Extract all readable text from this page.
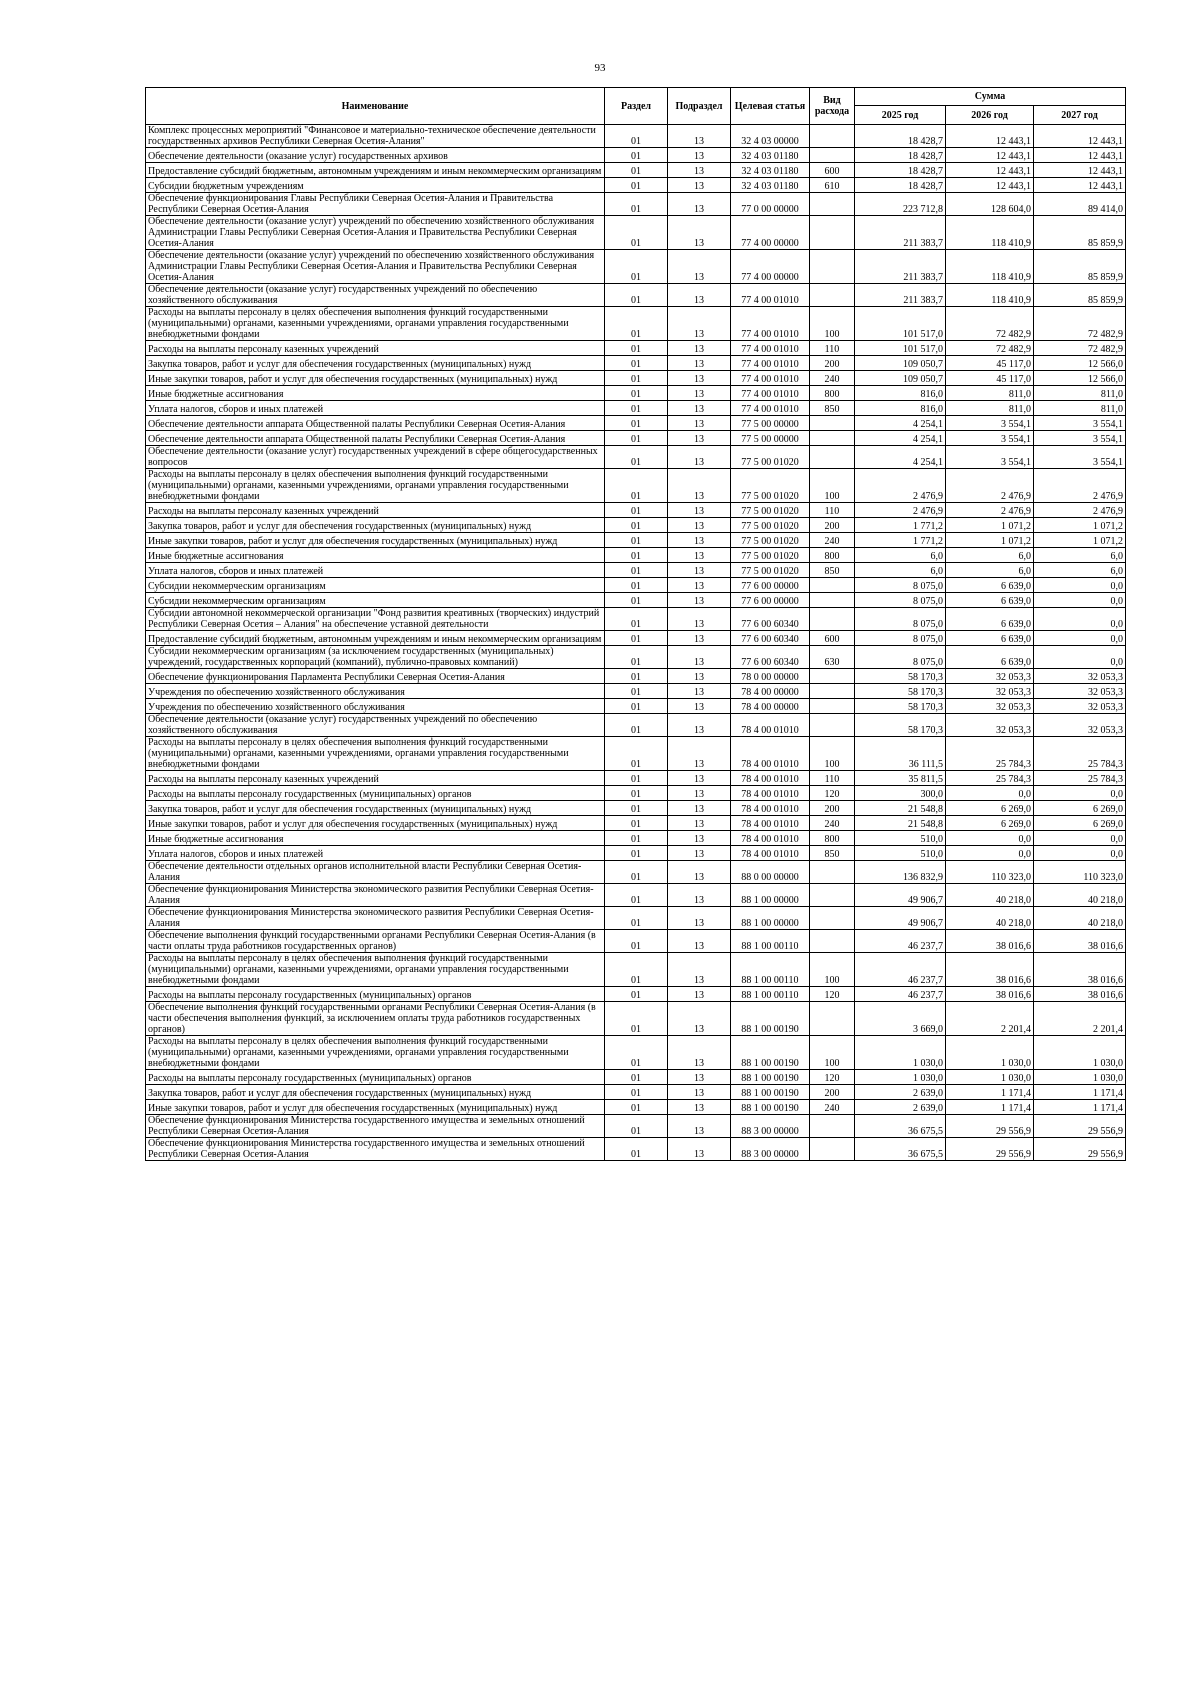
93
Наименование	Раздел	Подраздел	Целевая статья	Вид расхода	Сумма		
					2025 год	2026 год	2027 год
Комплекс процессных мероприятий "Финансовое и материально-техническое обеспечение деятельности государственных архивов Республики Северная Осетия-Алания"	01	13	32 4 03 00000		18 428,7	12 443,1	12 443,1
Обеспечение деятельности (оказание услуг) государственных архивов	01	13	32 4 03 01180		18 428,7	12 443,1	12 443,1
Предоставление субсидий бюджетным, автономным учреждениям и иным некоммерческим организациям	01	13	32 4 03 01180	600	18 428,7	12 443,1	12 443,1
Субсидии бюджетным учреждениям	01	13	32 4 03 01180	610	18 428,7	12 443,1	12 443,1
Обеспечение функционирования Главы Республики Северная Осетия-Алания и Правительства Республики Северная Осетия-Алания	01	13	77 0 00 00000		223 712,8	128 604,0	89 414,0
Обеспечение деятельности (оказание услуг) учреждений по обеспечению хозяйственного обслуживания Администрации Главы Республики Северная Осетия-Алания и Правительства Республики Северная Осетия-Алания	01	13	77 4 00 00000		211 383,7	118 410,9	85 859,9
Обеспечение деятельности (оказание услуг) учреждений по обеспечению хозяйственного обслуживания Администрации Главы Республики Северная Осетия-Алания и Правительства Республики Северная Осетия-Алания	01	13	77 4 00 00000		211 383,7	118 410,9	85 859,9
Обеспечение деятельности (оказание услуг) государственных учреждений по обеспечению хозяйственного обслуживания	01	13	77 4 00 01010		211 383,7	118 410,9	85 859,9
Расходы на выплаты персоналу в целях обеспечения выполнения функций государственными (муниципальными) органами, казенными учреждениями, органами управления государственными внебюджетными фондами	01	13	77 4 00 01010	100	101 517,0	72 482,9	72 482,9
Расходы на выплаты персоналу казенных учреждений	01	13	77 4 00 01010	110	101 517,0	72 482,9	72 482,9
Закупка товаров, работ и услуг для обеспечения государственных (муниципальных) нужд	01	13	77 4 00 01010	200	109 050,7	45 117,0	12 566,0
Иные закупки товаров, работ и услуг для обеспечения государственных (муниципальных) нужд	01	13	77 4 00 01010	240	109 050,7	45 117,0	12 566,0
Иные бюджетные ассигнования	01	13	77 4 00 01010	800	816,0	811,0	811,0
Уплата налогов, сборов и иных платежей	01	13	77 4 00 01010	850	816,0	811,0	811,0
Обеспечение деятельности аппарата Общественной палаты Республики Северная Осетия-Алания	01	13	77 5 00 00000		4 254,1	3 554,1	3 554,1
Обеспечение деятельности аппарата Общественной палаты Республики Северная Осетия-Алания	01	13	77 5 00 00000		4 254,1	3 554,1	3 554,1
Обеспечение деятельности (оказание услуг) государственных учреждений в сфере общегосударственных вопросов	01	13	77 5 00 01020		4 254,1	3 554,1	3 554,1
Расходы на выплаты персоналу в целях обеспечения выполнения функций государственными (муниципальными) органами, казенными учреждениями, органами управления государственными внебюджетными фондами	01	13	77 5 00 01020	100	2 476,9	2 476,9	2 476,9
Расходы на выплаты персоналу казенных учреждений	01	13	77 5 00 01020	110	2 476,9	2 476,9	2 476,9
Закупка товаров, работ и услуг для обеспечения государственных (муниципальных) нужд	01	13	77 5 00 01020	200	1 771,2	1 071,2	1 071,2
Иные закупки товаров, работ и услуг для обеспечения государственных (муниципальных) нужд	01	13	77 5 00 01020	240	1 771,2	1 071,2	1 071,2
Иные бюджетные ассигнования	01	13	77 5 00 01020	800	6,0	6,0	6,0
Уплата налогов, сборов и иных платежей	01	13	77 5 00 01020	850	6,0	6,0	6,0
Субсидии некоммерческим организациям	01	13	77 6 00 00000		8 075,0	6 639,0	0,0
Субсидии некоммерческим организациям	01	13	77 6 00 00000		8 075,0	6 639,0	0,0
Субсидии автономной некоммерческой организации "Фонд развития креативных (творческих) индустрий Республики Северная Осетия – Алания" на обеспечение уставной деятельности	01	13	77 6 00 60340		8 075,0	6 639,0	0,0
Предоставление субсидий бюджетным, автономным учреждениям и иным некоммерческим организациям	01	13	77 6 00 60340	600	8 075,0	6 639,0	0,0
Субсидии некоммерческим организациям (за исключением государственных (муниципальных) учреждений, государственных корпораций (компаний), публично-правовых компаний)	01	13	77 6 00 60340	630	8 075,0	6 639,0	0,0
Обеспечение функционирования Парламента Республики Северная Осетия-Алания	01	13	78 0 00 00000		58 170,3	32 053,3	32 053,3
Учреждения по обеспечению хозяйственного обслуживания	01	13	78 4 00 00000		58 170,3	32 053,3	32 053,3
Учреждения по обеспечению хозяйственного обслуживания	01	13	78 4 00 00000		58 170,3	32 053,3	32 053,3
Обеспечение деятельности (оказание услуг) государственных учреждений по обеспечению хозяйственного обслуживания	01	13	78 4 00 01010		58 170,3	32 053,3	32 053,3
Расходы на выплаты персоналу в целях обеспечения выполнения функций государственными (муниципальными) органами, казенными учреждениями, органами управления государственными внебюджетными фондами	01	13	78 4 00 01010	100	36 111,5	25 784,3	25 784,3
Расходы на выплаты персоналу казенных учреждений	01	13	78 4 00 01010	110	35 811,5	25 784,3	25 784,3
Расходы на выплаты персоналу государственных (муниципальных) органов	01	13	78 4 00 01010	120	300,0	0,0	0,0
Закупка товаров, работ и услуг для обеспечения государственных (муниципальных) нужд	01	13	78 4 00 01010	200	21 548,8	6 269,0	6 269,0
Иные закупки товаров, работ и услуг для обеспечения государственных (муниципальных) нужд	01	13	78 4 00 01010	240	21 548,8	6 269,0	6 269,0
Иные бюджетные ассигнования	01	13	78 4 00 01010	800	510,0	0,0	0,0
Уплата налогов, сборов и иных платежей	01	13	78 4 00 01010	850	510,0	0,0	0,0
Обеспечение деятельности отдельных органов исполнительной власти Республики Северная Осетия-Алания	01	13	88 0 00 00000		136 832,9	110 323,0	110 323,0
Обеспечение функционирования Министерства экономического развития Республики Северная Осетия-Алания	01	13	88 1 00 00000		49 906,7	40 218,0	40 218,0
Обеспечение функционирования Министерства экономического развития Республики Северная Осетия-Алания	01	13	88 1 00 00000		49 906,7	40 218,0	40 218,0
Обеспечение выполнения функций государственными органами Республики Северная Осетия-Алания (в части оплаты труда работников государственных органов)	01	13	88 1 00 00110		46 237,7	38 016,6	38 016,6
Расходы на выплаты персоналу в целях обеспечения выполнения функций государственными (муниципальными) органами, казенными учреждениями, органами управления государственными внебюджетными фондами	01	13	88 1 00 00110	100	46 237,7	38 016,6	38 016,6
Расходы на выплаты персоналу государственных (муниципальных) органов	01	13	88 1 00 00110	120	46 237,7	38 016,6	38 016,6
Обеспечение выполнения функций государственными органами Республики Северная Осетия-Алания (в части обеспечения выполнения функций, за исключением оплаты труда работников государственных органов)	01	13	88 1 00 00190		3 669,0	2 201,4	2 201,4
Расходы на выплаты персоналу в целях обеспечения выполнения функций государственными (муниципальными) органами, казенными учреждениями, органами управления государственными внебюджетными фондами	01	13	88 1 00 00190	100	1 030,0	1 030,0	1 030,0
Расходы на выплаты персоналу государственных (муниципальных) органов	01	13	88 1 00 00190	120	1 030,0	1 030,0	1 030,0
Закупка товаров, работ и услуг для обеспечения государственных (муниципальных) нужд	01	13	88 1 00 00190	200	2 639,0	1 171,4	1 171,4
Иные закупки товаров, работ и услуг для обеспечения государственных (муниципальных) нужд	01	13	88 1 00 00190	240	2 639,0	1 171,4	1 171,4
Обеспечение функционирования Министерства государственного имущества и земельных отношений Республики Северная Осетия-Алания	01	13	88 3 00 00000		36 675,5	29 556,9	29 556,9
Обеспечение функционирования Министерства государственного имущества и земельных отношений Республики Северная Осетия-Алания	01	13	88 3 00 00000		36 675,5	29 556,9	29 556,9
